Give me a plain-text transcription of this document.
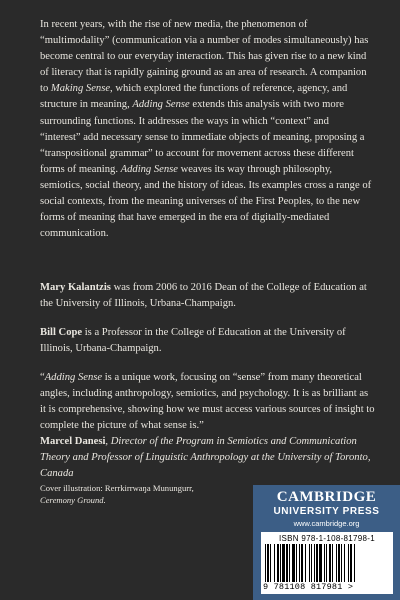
In recent years, with the rise of new media, the phenomenon of “multimodality” (communication via a number of modes simultaneously) has become central to our everyday interaction. This has given rise to a new kind of literacy that is rapidly gaining ground as an area of research. A companion to Making Sense, which explored the functions of reference, agency, and structure in meaning, Adding Sense extends this analysis with two more surrounding functions. It addresses the ways in which “context” and “interest” add necessary sense to immediate objects of meaning, proposing a “transpositional grammar” to account for movement across these different forms of meaning. Adding Sense weaves its way through philosophy, semiotics, social theory, and the history of ideas. Its examples cross a range of social contexts, from the meaning universes of the First Peoples, to the new forms of meaning that have emerged in the era of digitally-mediated communication.

Mary Kalantzis was from 2006 to 2016 Dean of the College of Education at the University of Illinois, Urbana-Champaign.
Bill Cope is a Professor in the College of Education at the University of Illinois, Urbana-Champaign.
“Adding Sense is a unique work, focusing on “sense” from many theoretical angles, including anthropology, semiotics, and psychology. It is as brilliant as it is comprehensive, showing how we must access various sources of insight to complete the picture of what sense is.”
Marcel Danesi, Director of the Program in Semiotics and Communication Theory and Professor of Linguistic Anthropology at the University of Toronto, Canada
Cover illustration: Rerrkirrwaŋa Munungurr,
Ceremony Ground.	CAMBRIDGE
UNIVERSITY PRESS
www.cambridge.org
ISBN 978-1-108-81798-1
9 781108 817981 >
